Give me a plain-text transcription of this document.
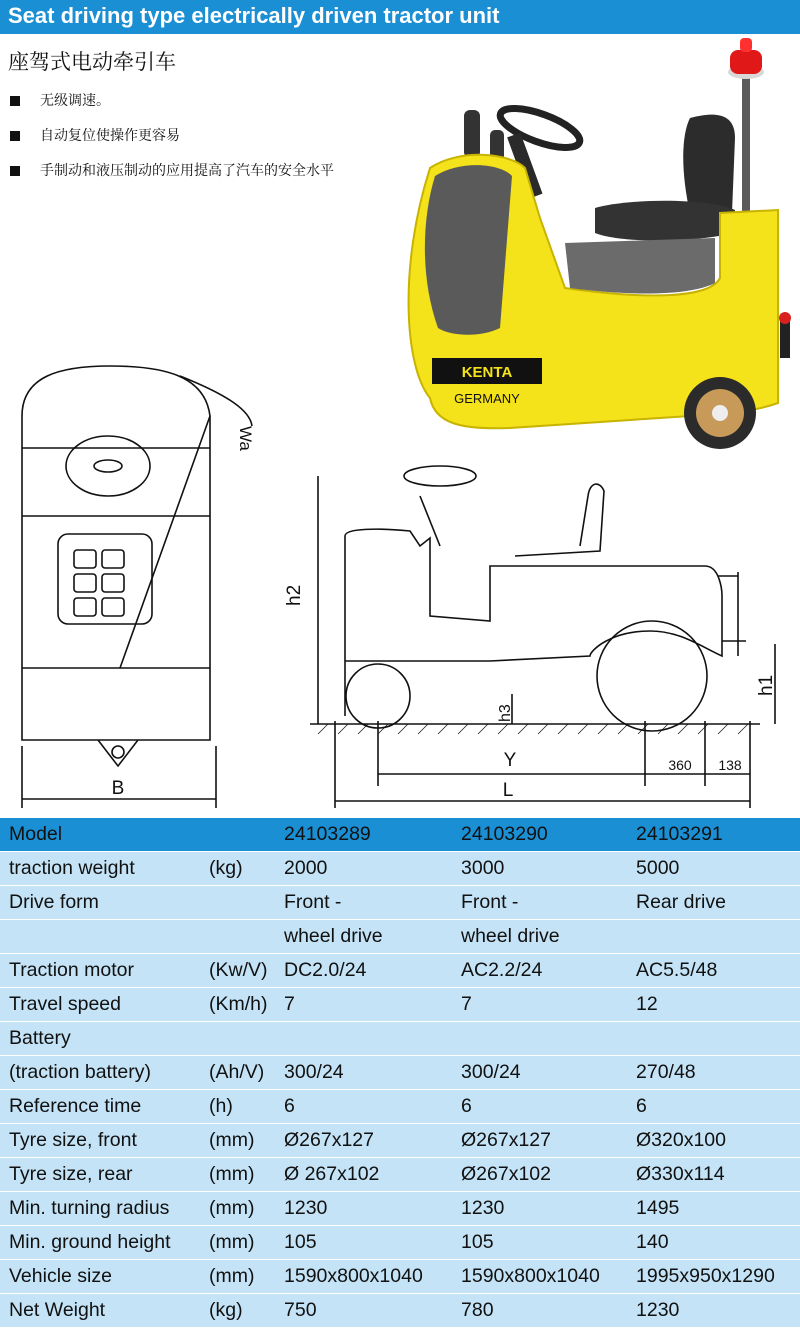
Seat driving type electrically driven tractor unit
座驾式电动牵引车
无级调速。
自动复位使操作更容易
手制动和液压制动的应用提高了汽车的安全水平
KENTA
GERMANY
B
Wa
h2
h3
h1
Y
L
360 138
Model		24103289	24103290	24103291
traction weight	(kg)	2000	3000	5000
Drive form		Front -	Front -	Rear drive
		wheel drive	wheel drive	
Traction motor	(Kw/V)	DC2.0/24	AC2.2/24	AC5.5/48
Travel speed	(Km/h)	7	7	12
Battery				
(traction battery)	(Ah/V)	300/24	300/24	270/48
Reference time	(h)	6	6	6
Tyre size, front	(mm)	Ø267x127	Ø267x127	Ø320x100
Tyre size, rear	(mm)	Ø 267x102	Ø267x102	Ø330x114
Min. turning radius	(mm)	1230	1230	1495
Min. ground height	(mm)	105	105	140
Vehicle size	(mm)	1590x800x1040	1590x800x1040	1995x950x1290
Net Weight	(kg)	750	780	1230
